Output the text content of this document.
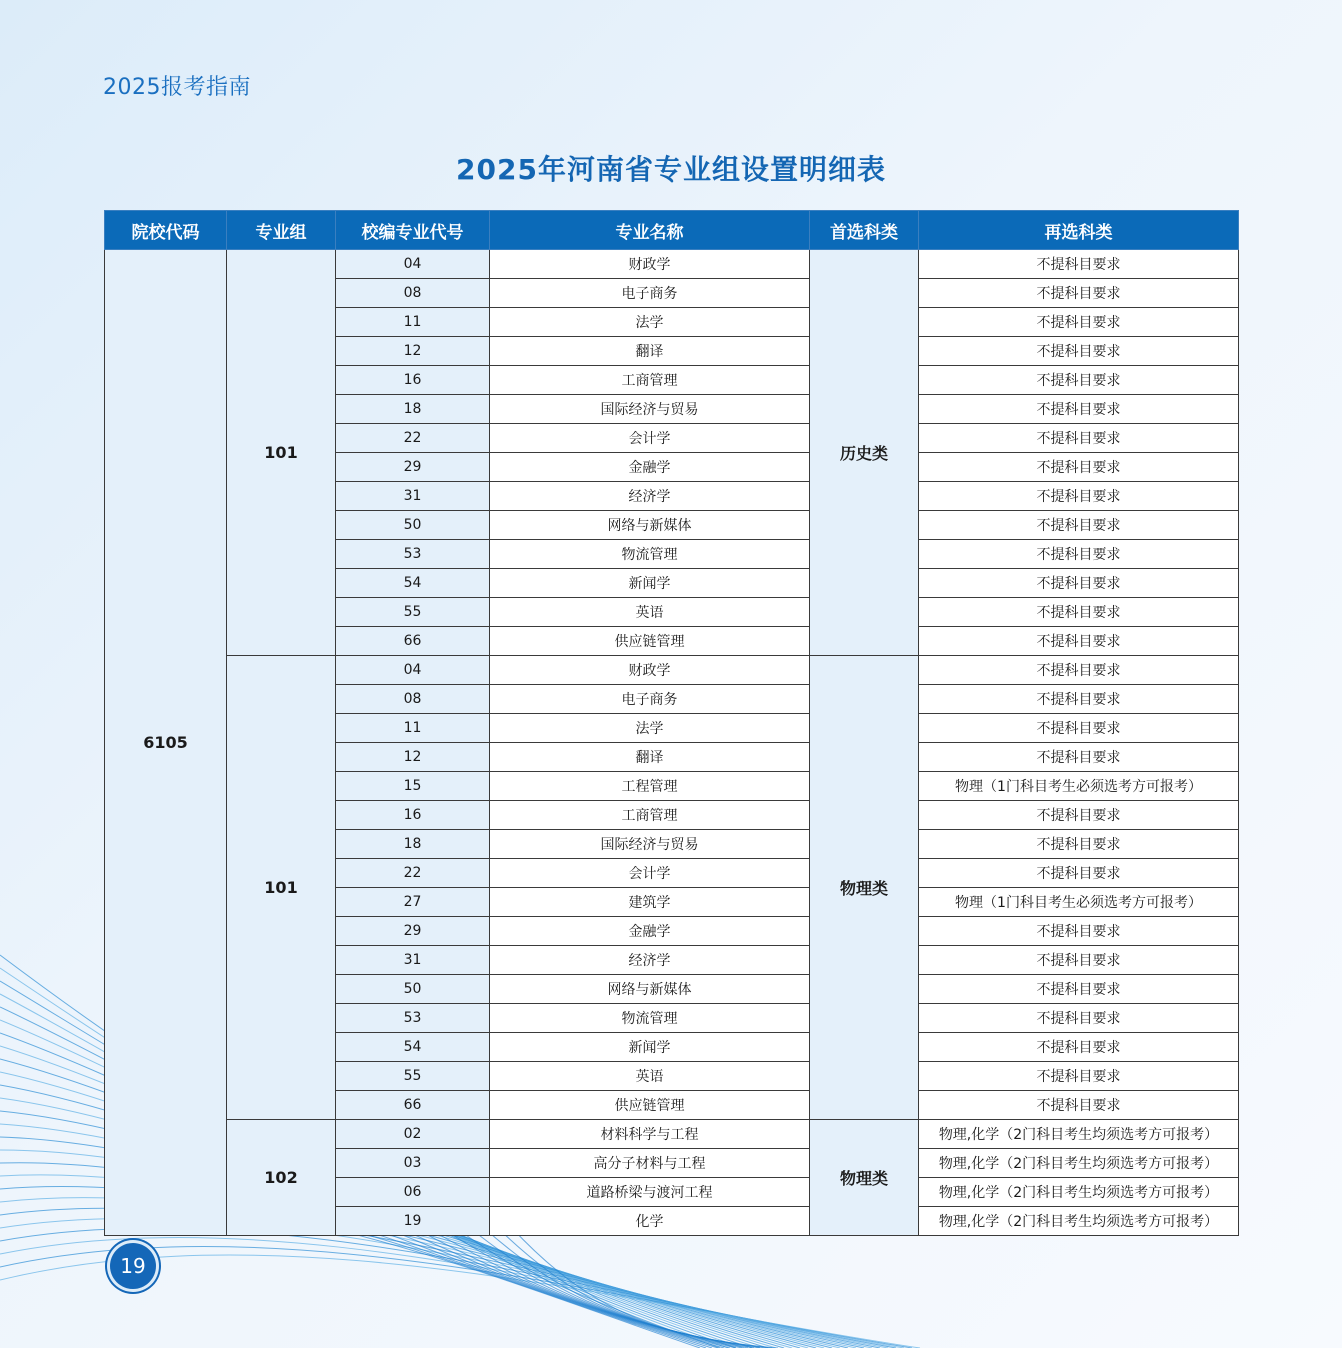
2025报考指南
2025年河南省专业组设置明细表
院校代码	专业组	校编专业代号	专业名称	首选科类	再选科类
6105	101	04	财政学	历史类	不提科目要求
		08	电子商务		不提科目要求
		11	法学		不提科目要求
		12	翻译		不提科目要求
		16	工商管理		不提科目要求
		18	国际经济与贸易		不提科目要求
		22	会计学		不提科目要求
		29	金融学		不提科目要求
		31	经济学		不提科目要求
		50	网络与新媒体		不提科目要求
		53	物流管理		不提科目要求
		54	新闻学		不提科目要求
		55	英语		不提科目要求
		66	供应链管理		不提科目要求
	101	04	财政学	物理类	不提科目要求
		08	电子商务		不提科目要求
		11	法学		不提科目要求
		12	翻译		不提科目要求
		15	工程管理		物理（1门科目考生必须选考方可报考）
		16	工商管理		不提科目要求
		18	国际经济与贸易		不提科目要求
		22	会计学		不提科目要求
		27	建筑学		物理（1门科目考生必须选考方可报考）
		29	金融学		不提科目要求
		31	经济学		不提科目要求
		50	网络与新媒体		不提科目要求
		53	物流管理		不提科目要求
		54	新闻学		不提科目要求
		55	英语		不提科目要求
		66	供应链管理		不提科目要求
	102	02	材料科学与工程	物理类	物理,化学（2门科目考生均须选考方可报考）
		03	高分子材料与工程		物理,化学（2门科目考生均须选考方可报考）
		06	道路桥梁与渡河工程		物理,化学（2门科目考生均须选考方可报考）
		19	化学		物理,化学（2门科目考生均须选考方可报考）
19
